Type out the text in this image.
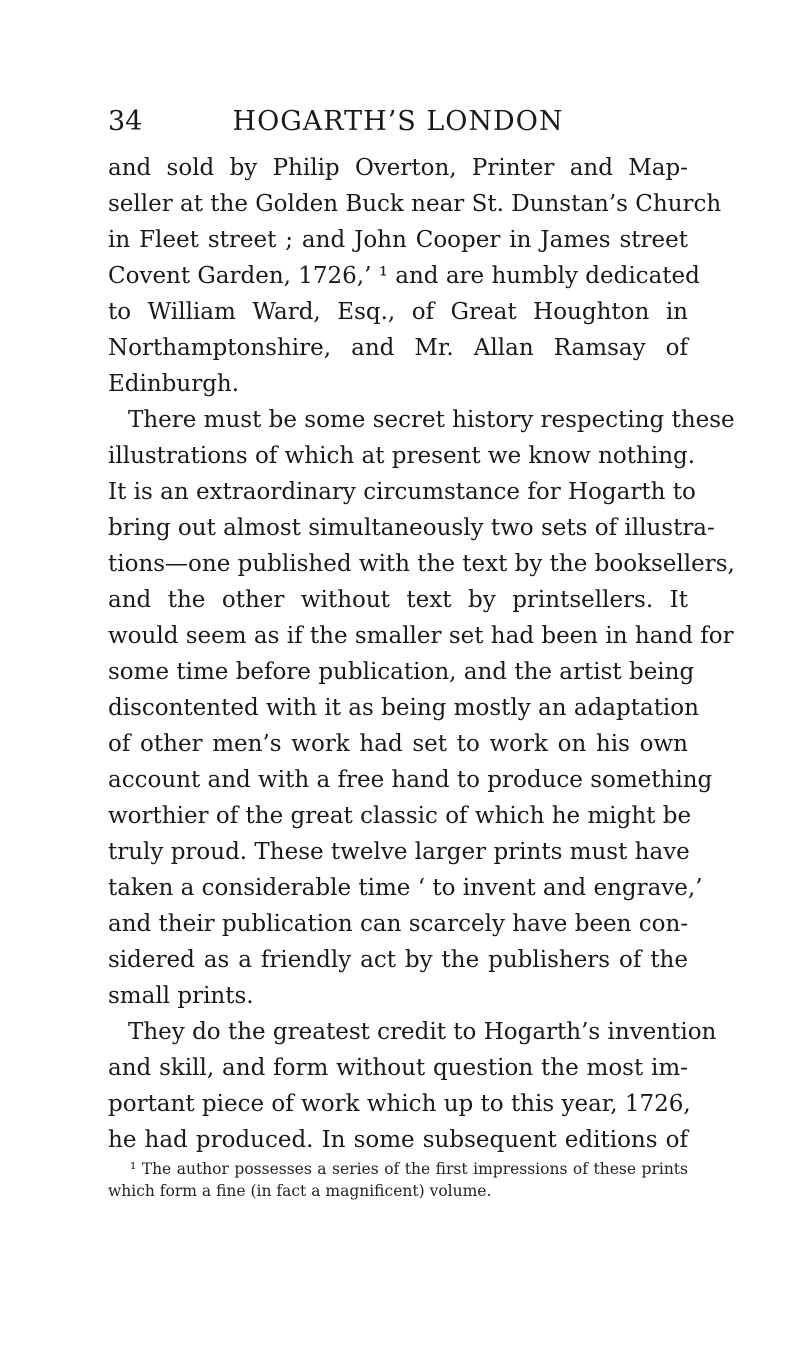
34	HOGARTH’S LONDON
and sold by Philip Overton, Printer and Map-
seller at the Golden Buck near St. Dunstan’s Church
in Fleet street ; and John Cooper in James street
Covent Garden, 1726,’ ¹ and are humbly dedicated
to William Ward, Esq., of Great Houghton in
Northamptonshire, and Mr. Allan Ramsay of
Edinburgh.
There must be some secret history respecting these
illustrations of which at present we know nothing.
It is an extraordinary circumstance for Hogarth to
bring out almost simultaneously two sets of illustra-
tions—one published with the text by the booksellers,
and the other without text by printsellers. It
would seem as if the smaller set had been in hand for
some time before publication, and the artist being
discontented with it as being mostly an adaptation
of other men’s work had set to work on his own
account and with a free hand to produce something
worthier of the great classic of which he might be
truly proud. These twelve larger prints must have
taken a considerable time ‘ to invent and engrave,’
and their publication can scarcely have been con-
sidered as a friendly act by the publishers of the
small prints.
They do the greatest credit to Hogarth’s invention
and skill, and form without question the most im-
portant piece of work which up to this year, 1726,
he had produced. In some subsequent editions of
¹ The author possesses a series of the first impressions of these prints
which form a fine (in fact a magnificent) volume.
